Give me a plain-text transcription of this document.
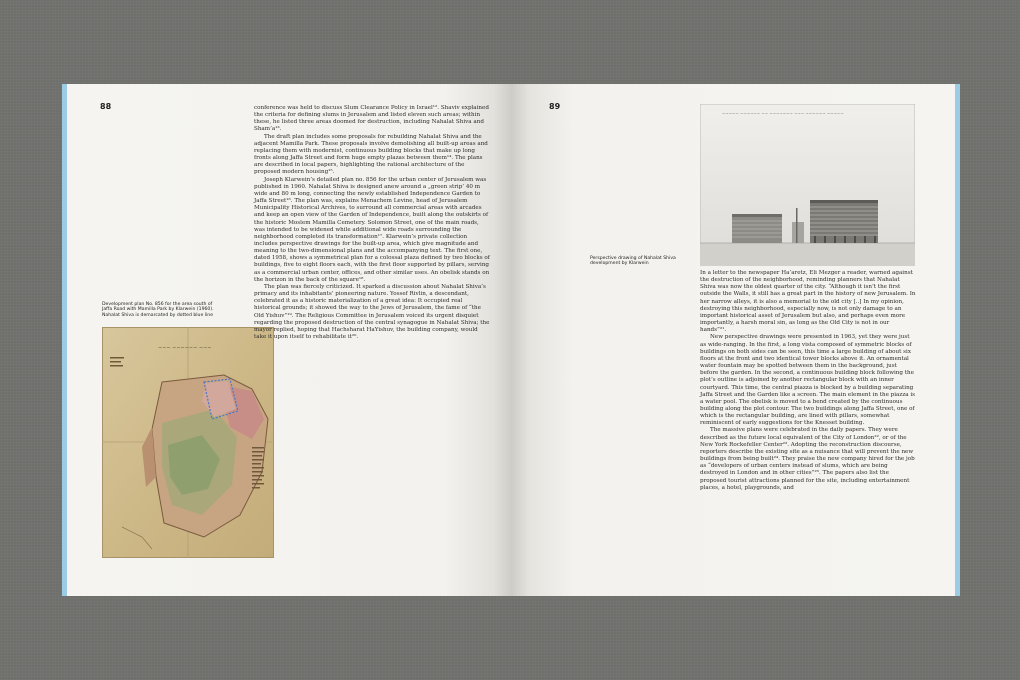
88
Development plan No. 856 for the area south of Jaffa Road with Mamilla Park by Klarwein (1960). Nahalat Shiva is demarcated by dotted blue line
~~~ ~~~~~~ ~~~

conference was held to discuss Slum Clearance Policy in Israel¹². Shaviv explained the criteria for defining slums in Jerusalem and listed eleven such areas; within these, he listed three areas doomed for destruction, including Nahalat Shiva and Sham’a¹³.

The draft plan includes some proposals for rebuilding Nahalat Shiva and the adjacent Mamilla Park. These proposals involve demolishing all built-up areas and replacing them with modernist, continuous building blocks that make up long fronts along Jaffa Street and form huge empty plazas between them¹⁴. The plans are described in local papers, highlighting the rational architecture of the proposed modern housing¹⁵.

Joseph Klarwein’s detailed plan no. 856 for the urban center of Jerusalem was published in 1960. Nahalat Shiva is designed anew around a „green strip’ 40 m wide and 80 m long, connecting the newly established Independence Garden to Jaffa Street¹⁶. The plan was, explains Menachem Levine, head of Jerusalem Municipality Historical Archives, to surround all commercial areas with arcades and keep an open view of the Garden of Independence, built along the outskirts of the historic Moslem Mamilla Cemetery. Solomon Street, one of the main roads, was intended to be widened while additional wide roads surrounding the neighborhood completed its transformation¹⁷. Klarwein’s private collection includes perspective drawings for the built-up area, which give magnitude and meaning to the two-dimensional plans and the accompanying text. The first one, dated 1958, shows a symmetrical plan for a colossal plaza defined by two blocks of buildings, five to eight floors each, with the first floor supported by pillars, serving as a commercial urban center, offices, and other similar uses. An obelisk stands on the horizon in the back of the square¹⁸.

The plan was fiercely criticized. It sparked a discussion about Nahalat Shiva’s primacy and its inhabitants’ pioneering nature. Yossef Rivlin, a descendant, celebrated it as a historic materialization of a great idea: It occupied real historical grounds; it showed the way to the Jews of Jerusalem, the fame of “the Old Yishuv”¹⁹. The Religious Committee in Jerusalem voiced its urgent disquiet regarding the proposed destruction of the central synagogue in Nahalat Shiva; the mayor replied, hoping that Hachsharat HaYishuv, the building company, would take it upon itself to rehabilitate it²⁰.

89
~~~~~ ~~~~~~ ~~ ~~~~~~~ ~~~ ~~~~~~ ~~~~~
Perspective drawing of Nahalat Shiva development by Klarwein

In a letter to the newspaper Ha’aretz, Eli Mezger a reader, warned against the destruction of the neighborhood, reminding planners that Nahalat Shiva was now the oldest quarter of the city. “Although it isn’t the first outside the Walls, it still has a great part in the history of new Jerusalem. In her narrow alleys, it is also a memorial to the old city [..] In my opinion, destroying this neighborhood, especially now, is not only damage to an important historical asset of Jerusalem but also, and perhaps even more importantly, a harsh moral sin, as long as the Old City is not in our hands”²¹.

New perspective drawings were presented in 1963, yet they were just as wide-ranging. In the first, a long vista composed of symmetric blocks of buildings on both sides can be seen, this time a large building of about six floors at the front and two identical tower blocks above it. An ornamental water fountain may be spotted between them in the background, just before the garden. In the second, a continuous building block following the plot’s outline is adjoined by another rectangular block with an inner courtyard. This time, the central piazza is blocked by a building separating Jaffa Street and the Garden like a screen. The main element in the piazza is a water pool. The obelisk is moved to a bend created by the continuous building along the plot contour. The two buildings along Jaffa Street, one of which is the rectangular building, are lined with pillars, somewhat reminiscent of early suggestions for the Knesset building.

The massive plans were celebrated in the daily papers. They were described as the future local equivalent of the City of London²², or of the New York Rockefeller Center²³. Adopting the reconstruction discourse, reporters describe the existing site as a nuisance that will prevent the new buildings from being built²⁴. They praise the new company hired for the job as “developers of urban centers instead of slums, which are being destroyed in London and in other cities”²⁵. The papers also list the proposed tourist attractions planned for the site, including entertainment places, a hotel, playgrounds, and
